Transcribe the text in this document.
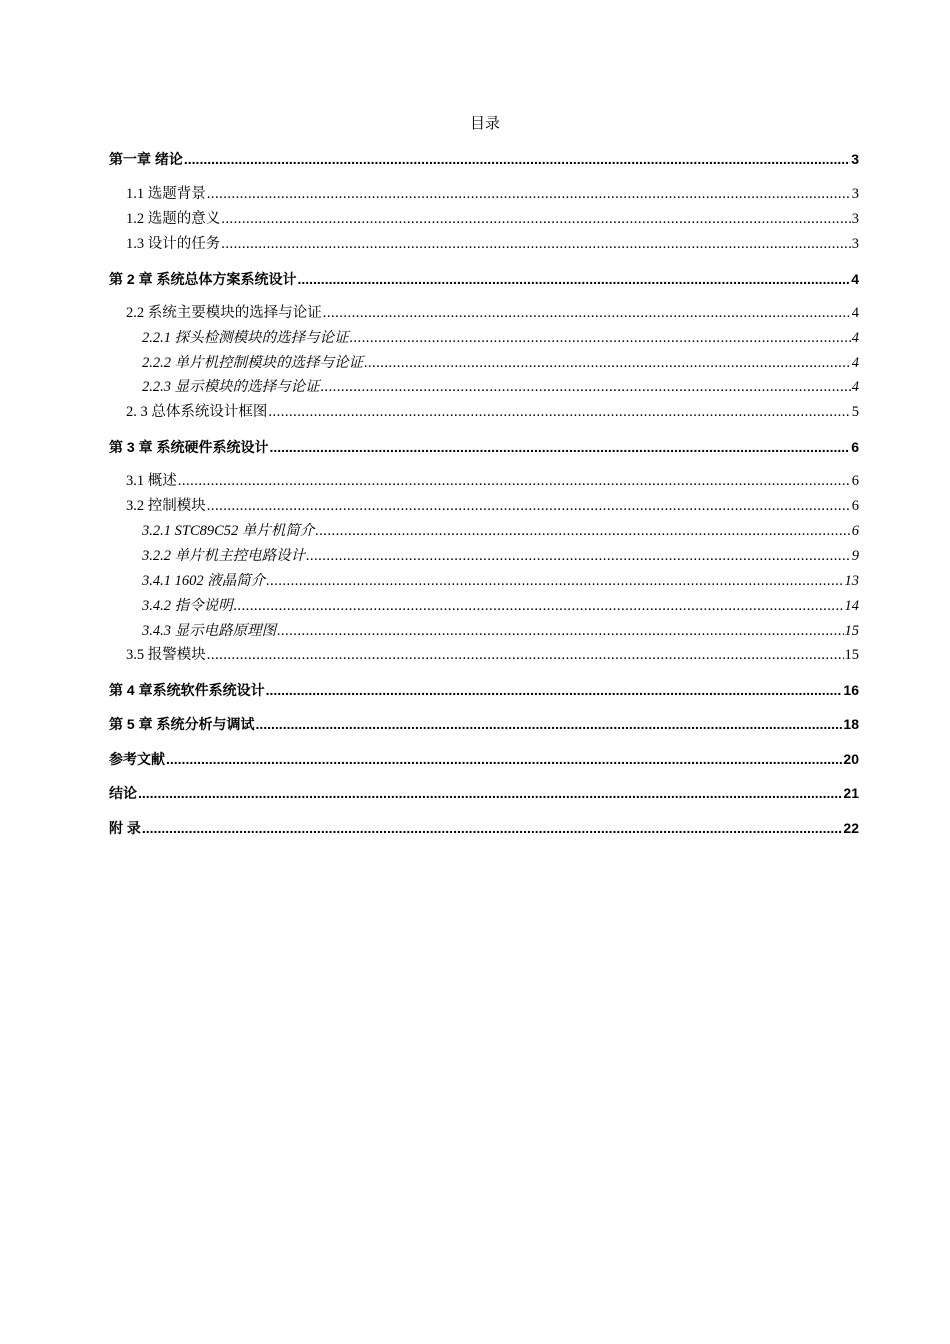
目录
第一章 绪论 .....	3
1.1 选题背景 .....	3
1.2 选题的意义 .....	3
1.3 设计的任务 .....	3
第 2 章 系统总体方案系统设计 .....	4
2.2 系统主要模块的选择与论证 .....	4
2.2.1 探头检测模块的选择与论证 .....	4
2.2.2 单片机控制模块的选择与论证 .....	4
2.2.3 显示模块的选择与论证 .....	4
2. 3 总体系统设计框图 .....	5
第 3 章 系统硬件系统设计 .....	6
3.1 概述 .....	6
3.2 控制模块 .....	6
3.2.1 STC89C52 单片机简介 .....	6
3.2.2 单片机主控电路设计 .....	9
3.4.1 1602 液晶简介 .....	13
3.4.2 指令说明 .....	14
3.4.3 显示电路原理图 .....	15
3.5 报警模块 .....	15
第 4 章系统软件系统设计 .....	16
第 5 章 系统分析与调试 .....	18
参考文献 .....	20
结论 .....	21
附 录 .....	22
